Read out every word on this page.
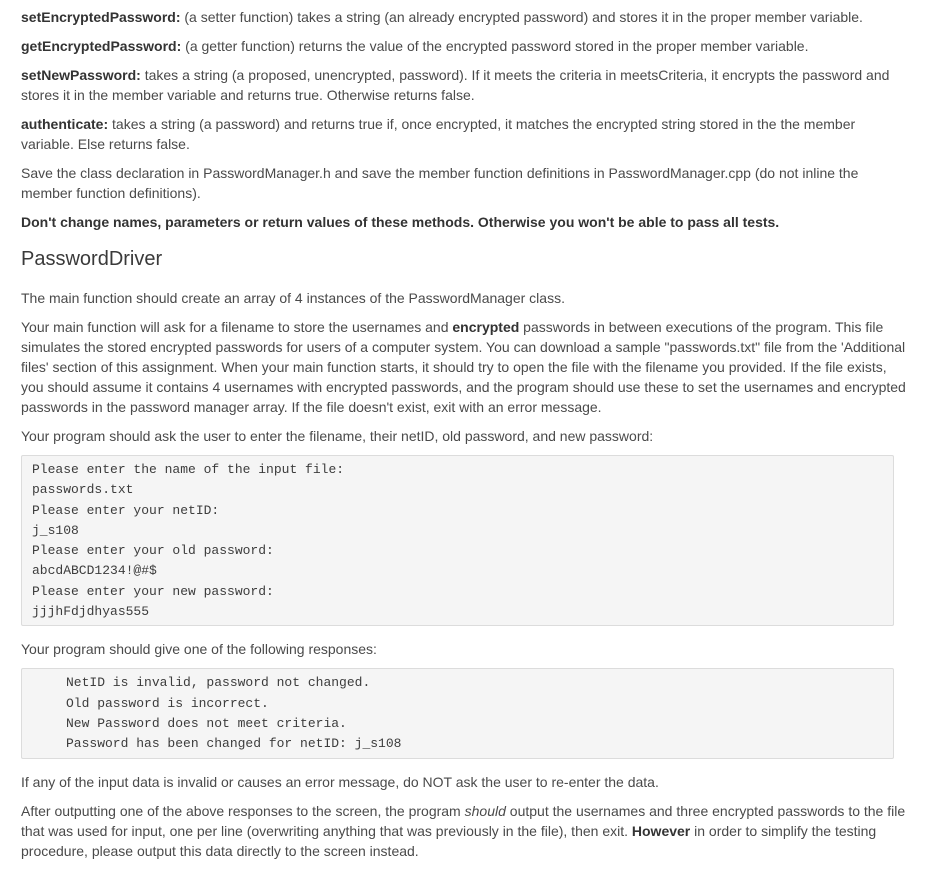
setEncryptedPassword: (a setter function) takes a string (an already encrypted password) and stores it in the proper member variable.

getEncryptedPassword: (a getter function) returns the value of the encrypted password stored in the proper member variable.

setNewPassword: takes a string (a proposed, unencrypted, password). If it meets the criteria in meetsCriteria, it encrypts the password and stores it in the member variable and returns true. Otherwise returns false.

authenticate: takes a string (a password) and returns true if, once encrypted, it matches the encrypted string stored in the the member variable. Else returns false.

Save the class declaration in PasswordManager.h and save the member function definitions in PasswordManager.cpp (do not inline the member function definitions).

Don't change names, parameters or return values of these methods. Otherwise you won't be able to pass all tests.

PasswordDriver

The main function should create an array of 4 instances of the PasswordManager class.

Your main function will ask for a filename to store the usernames and encrypted passwords in between executions of the program. This file simulates the stored encrypted passwords for users of a computer system. You can download a sample "passwords.txt" file from the 'Additional files' section of this assignment. When your main function starts, it should try to open the file with the filename you provided. If the file exists, you should assume it contains 4 usernames with encrypted passwords, and the program should use these to set the usernames and encrypted passwords in the password manager array. If the file doesn't exist, exit with an error message.

Your program should ask the user to enter the filename, their netID, old password, and new password:

Please enter the name of the input file:
passwords.txt
Please enter your netID:
j_s108
Please enter your old password:
abcdABCD1234!@#$
Please enter your new password:
jjjhFdjdhyas555

Your program should give one of the following responses:

NetID is invalid, password not changed.
Old password is incorrect.
New Password does not meet criteria.
Password has been changed for netID: j_s108

If any of the input data is invalid or causes an error message, do NOT ask the user to re-enter the data.

After outputting one of the above responses to the screen, the program should output the usernames and three encrypted passwords to the file that was used for input, one per line (overwriting anything that was previously in the file), then exit. However in order to simplify the testing procedure, please output this data directly to the screen instead.
